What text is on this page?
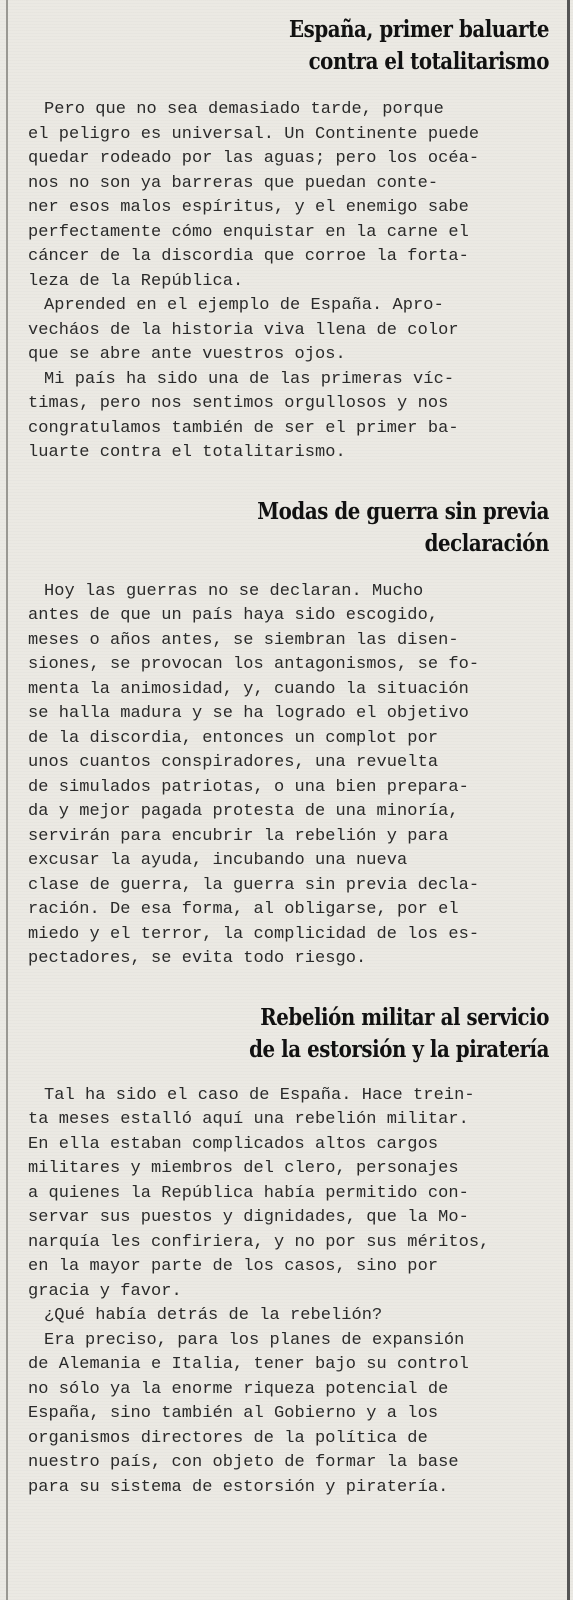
España, primer baluarte
contra el totalitarismo
Pero que no sea demasiado tarde, porque
el peligro es universal. Un Continente puede
quedar rodeado por las aguas; pero los océa-
nos no son ya barreras que puedan conte-
ner esos malos espíritus, y el enemigo sabe
perfectamente cómo enquistar en la carne el
cáncer de la discordia que corroe la forta-
leza de la República.
Aprended en el ejemplo de España. Apro-
vecháos de la historia viva llena de color
que se abre ante vuestros ojos.
Mi país ha sido una de las primeras víc-
timas, pero nos sentimos orgullosos y nos
congratulamos también de ser el primer ba-
luarte contra el totalitarismo.
Modas de guerra sin previa
declaración
Hoy las guerras no se declaran. Mucho
antes de que un país haya sido escogido,
meses o años antes, se siembran las disen-
siones, se provocan los antagonismos, se fo-
menta la animosidad, y, cuando la situación
se halla madura y se ha logrado el objetivo
de la discordia, entonces un complot por
unos cuantos conspiradores, una revuelta
de simulados patriotas, o una bien prepara-
da y mejor pagada protesta de una minoría,
servirán para encubrir la rebelión y para
excusar la ayuda, incubando una nueva
clase de guerra, la guerra sin previa decla-
ración. De esa forma, al obligarse, por el
miedo y el terror, la complicidad de los es-
pectadores, se evita todo riesgo.
Rebelión militar al servicio
de la estorsión y la piratería
Tal ha sido el caso de España. Hace trein-
ta meses estalló aquí una rebelión militar.
En ella estaban complicados altos cargos
militares y miembros del clero, personajes
a quienes la República había permitido con-
servar sus puestos y dignidades, que la Mo-
narquía les confiriera, y no por sus méritos,
en la mayor parte de los casos, sino por
gracia y favor.
¿Qué había detrás de la rebelión?
Era preciso, para los planes de expansión
de Alemania e Italia, tener bajo su control
no sólo ya la enorme riqueza potencial de
España, sino también al Gobierno y a los
organismos directores de la política de
nuestro país, con objeto de formar la base
para su sistema de estorsión y piratería.
